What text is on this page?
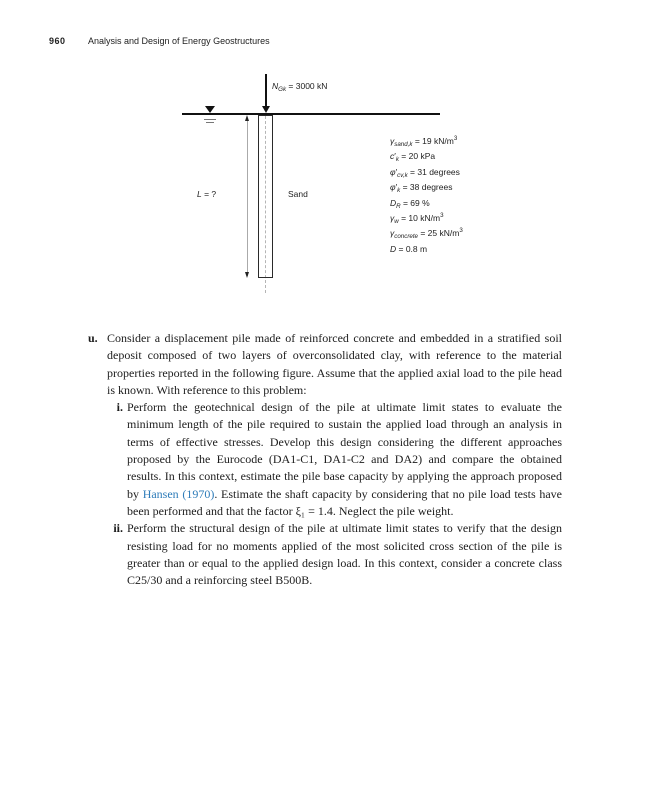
960 Analysis and Design of Energy Geostructures
$N_{Gk} = 3000$ kN
L = ?	Sand
$\gamma_{sand,k} = 19$ $kN/m^3$
$c'_k = 20$ kPa
$\varphi'_{cv,k} = 31$ degrees
$\varphi'_k = 38$ degrees
$D_R = 69$ %
$\gamma_w = 10$ $kN/m^3$
$\gamma_{concrete} = 25$ $kN/m^3$
D = 0.8 m
u. Consider a displacement pile made of reinforced concrete and embedded in a stratified soil deposit composed of two layers of overconsolidated clay, with reference to the material properties reported in the following figure. Assume that the applied axial load to the pile head is known. With reference to this problem:
i. Perform the geotechnical design of the pile at ultimate limit states to evaluate the minimum length of the pile required to sustain the applied load through an analysis in terms of effective stresses. Develop this design considering the different approaches proposed by the Eurocode (DA1-C1, DA1-C2 and DA2) and compare the obtained results. In this context, estimate the pile base capacity by applying the approach proposed by Hansen (1970). Estimate the shaft capacity by considering that no pile load tests have been performed and that the factor ξ₁ = 1.4. Neglect the pile weight.
ii. Perform the structural design of the pile at ultimate limit states to verify that the design resisting load for no moments applied of the most solicited cross section of the pile is greater than or equal to the applied design load. In this context, consider a concrete class C25/30 and a reinforcing steel B500B.
